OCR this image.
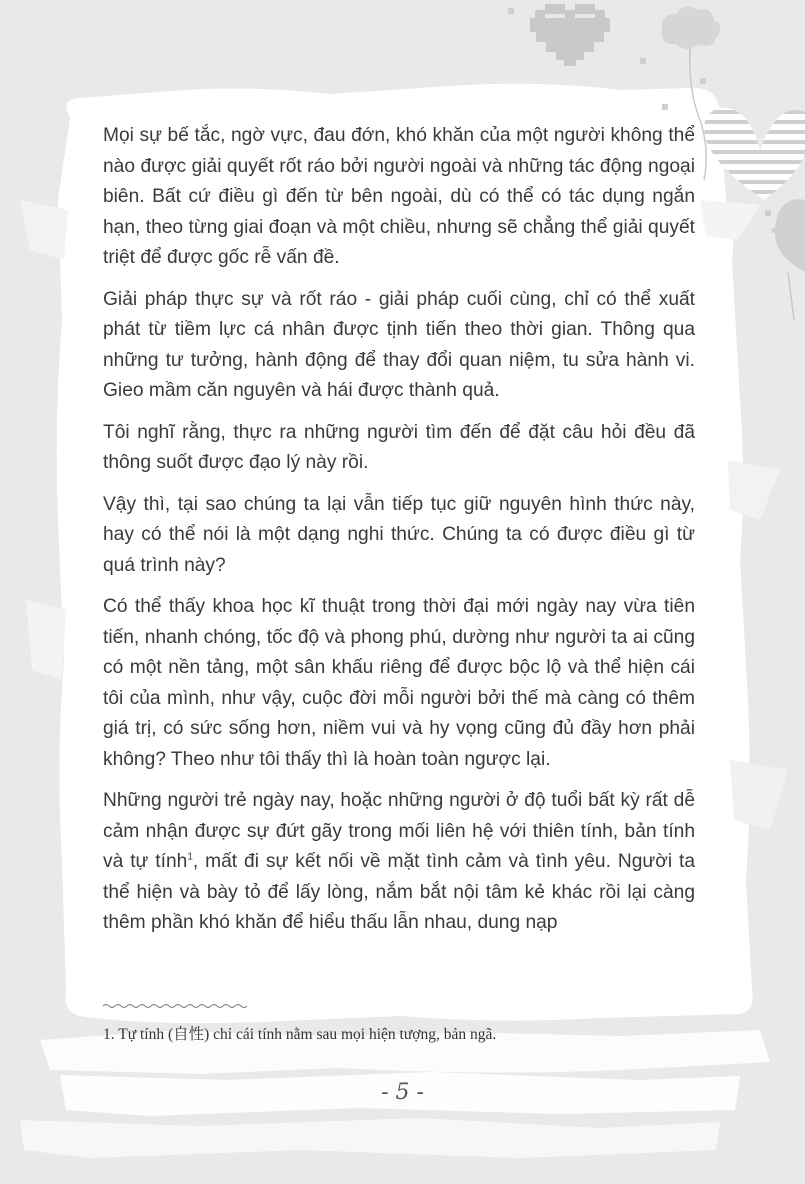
Mọi sự bế tắc, ngờ vực, đau đớn, khó khăn của một người không thể nào được giải quyết rốt ráo bởi người ngoài và những tác động ngoại biên. Bất cứ điều gì đến từ bên ngoài, dù có thể có tác dụng ngắn hạn, theo từng giai đoạn và một chiều, nhưng sẽ chẳng thể giải quyết triệt để được gốc rễ vấn đề.

Giải pháp thực sự và rốt ráo - giải pháp cuối cùng, chỉ có thể xuất phát từ tiềm lực cá nhân được tịnh tiến theo thời gian. Thông qua những tư tưởng, hành động để thay đổi quan niệm, tu sửa hành vi. Gieo mầm căn nguyên và hái được thành quả.

Tôi nghĩ rằng, thực ra những người tìm đến để đặt câu hỏi đều đã thông suốt được đạo lý này rồi.

Vậy thì, tại sao chúng ta lại vẫn tiếp tục giữ nguyên hình thức này, hay có thể nói là một dạng nghi thức. Chúng ta có được điều gì từ quá trình này?

Có thể thấy khoa học kĩ thuật trong thời đại mới ngày nay vừa tiên tiến, nhanh chóng, tốc độ và phong phú, dường như người ta ai cũng có một nền tảng, một sân khấu riêng để được bộc lộ và thể hiện cái tôi của mình, như vậy, cuộc đời mỗi người bởi thế mà càng có thêm giá trị, có sức sống hơn, niềm vui và hy vọng cũng đủ đầy hơn phải không? Theo như tôi thấy thì là hoàn toàn ngược lại.

Những người trẻ ngày nay, hoặc những người ở độ tuổi bất kỳ rất dễ cảm nhận được sự đứt gãy trong mối liên hệ với thiên tính, bản tính và tự tính$^1$, mất đi sự kết nối về mặt tình cảm và tình yêu. Người ta thể hiện và bày tỏ để lấy lòng, nắm bắt nội tâm kẻ khác rồi lại càng thêm phần khó khăn để hiểu thấu lẫn nhau, dung nạp

1. Tự tính (自性) chỉ cái tính nằm sau mọi hiện tượng, bản ngã.
- 5 -
